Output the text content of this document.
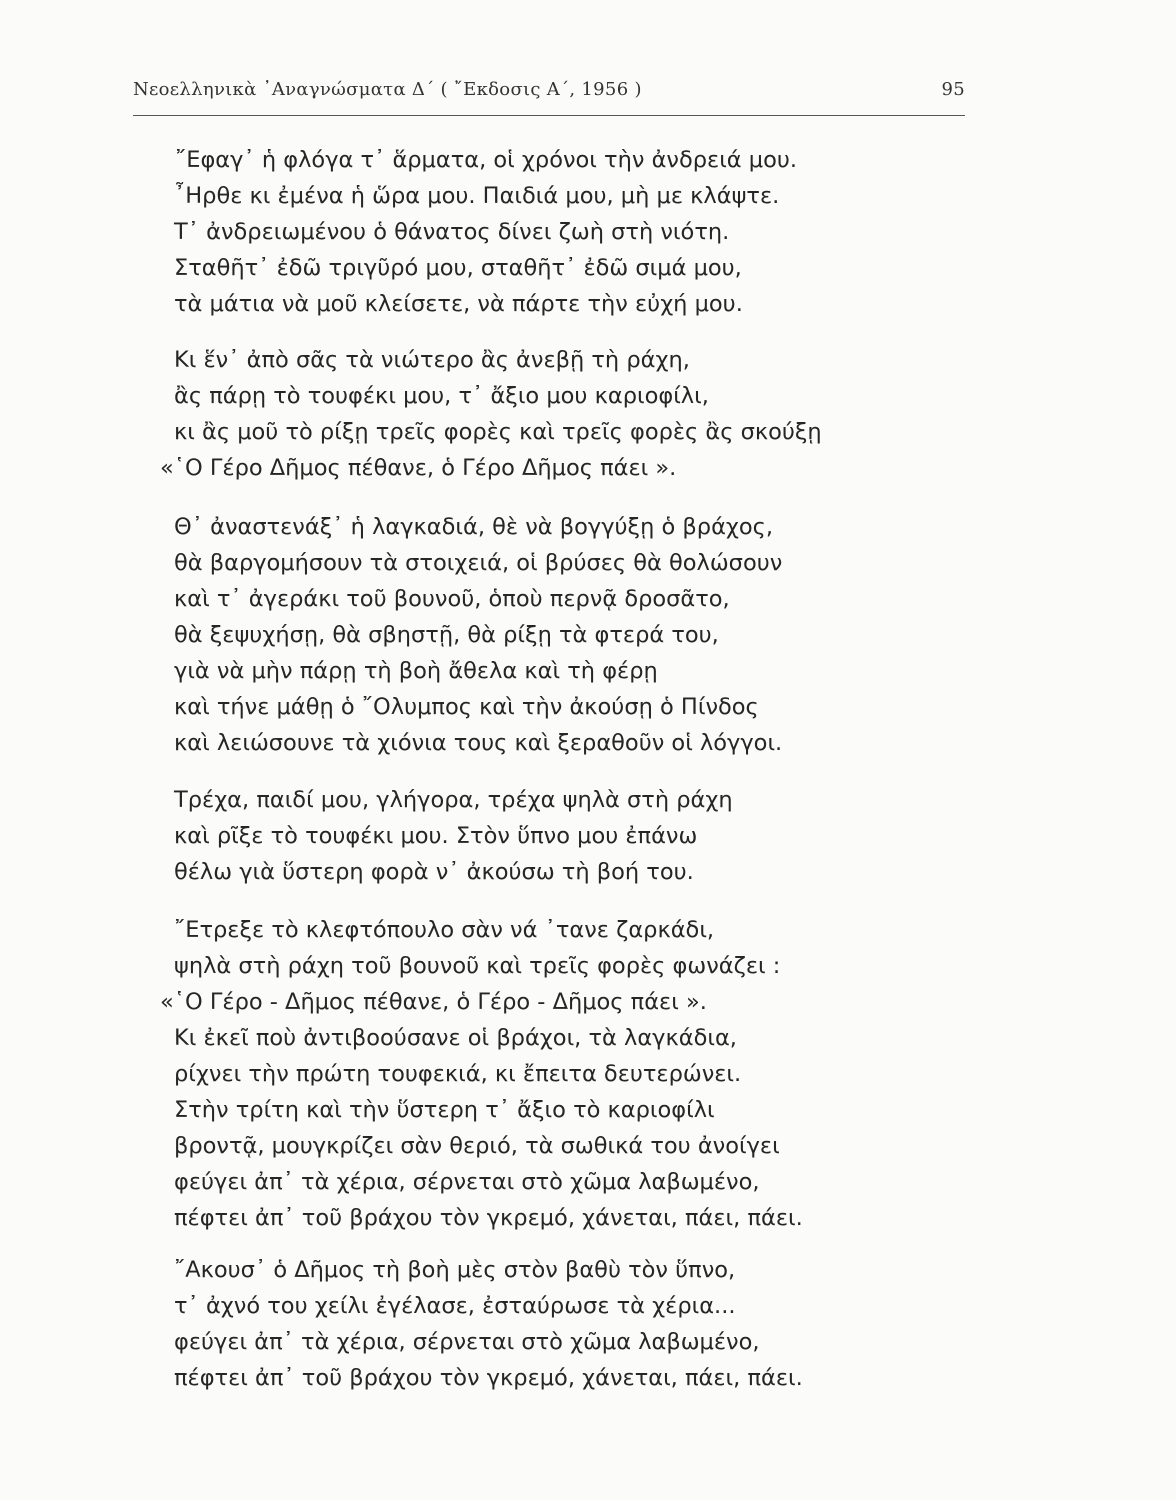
Νεοελληνικὰ ᾽Αναγνώσματα Δ΄ ( ῎Εκδοσις Α΄, 1956 )	95
῎Εφαγ᾽ ἡ φλόγα τ᾽ ἅρματα, οἱ χρόνοι τὴν ἀνδρειά μου.
῏Ηρθε κι ἐμένα ἡ ὥρα μου. Παιδιά μου, μὴ με κλάψτε.
Τ᾽ ἀνδρειωμένου ὁ θάνατος δίνει ζωὴ στὴ νιότη.
Σταθῆτ᾽ ἐδῶ τριγῦρό μου, σταθῆτ᾽ ἐδῶ σιμά μου,
τὰ μάτια νὰ μοῦ κλείσετε, νὰ πάρτε τὴν εὐχή μου.
Κι ἕν᾽ ἀπὸ σᾶς τὰ νιώτερο ἂς ἀνεβῇ τὴ ράχη,
ἂς πάρῃ τὸ τουφέκι μου, τ᾽ ἄξιο μου καριοφίλι,
κι ἂς μοῦ τὸ ρίξῃ τρεῖς φορὲς καὶ τρεῖς φορὲς ἂς σκούξῃ
«῾Ο Γέρο Δῆμος πέθανε, ὁ Γέρο Δῆμος πάει ».
Θ᾽ ἀναστενάξ᾽ ἡ λαγκαδιά, θὲ νὰ βογγύξῃ ὁ βράχος,
θὰ βαργομήσουν τὰ στοιχειά, οἱ βρύσες θὰ θολώσουν
καὶ τ᾽ ἀγεράκι τοῦ βουνοῦ, ὁποὺ περνᾷ δροσᾶτο,
θὰ ξεψυχήσῃ, θὰ σβηστῇ, θὰ ρίξῃ τὰ φτερά του,
γιὰ νὰ μὴν πάρῃ τὴ βοὴ ἄθελα καὶ τὴ φέρῃ
καὶ τήνε μάθῃ ὁ ῎Ολυμπος καὶ τὴν ἀκούσῃ ὁ Πίνδος
καὶ λειώσουνε τὰ χιόνια τους καὶ ξεραθοῦν οἱ λόγγοι.
Τρέχα, παιδί μου, γλήγορα, τρέχα ψηλὰ στὴ ράχη
καὶ ρῖξε τὸ τουφέκι μου. Στὸν ὕπνο μου ἐπάνω
θέλω γιὰ ὕστερη φορὰ ν᾽ ἀκούσω τὴ βοή του.
῎Ετρεξε τὸ κλεφτόπουλο σὰν νά ᾽τανε ζαρκάδι,
ψηλὰ στὴ ράχη τοῦ βουνοῦ καὶ τρεῖς φορὲς φωνάζει :
«῾Ο Γέρο - Δῆμος πέθανε, ὁ Γέρο - Δῆμος πάει ».
Κι ἐκεῖ ποὺ ἀντιβοούσανε οἱ βράχοι, τὰ λαγκάδια,
ρίχνει τὴν πρώτη τουφεκιά, κι ἔπειτα δευτερώνει.
Στὴν τρίτη καὶ τὴν ὕστερη τ᾽ ἄξιο τὸ καριοφίλι
βροντᾷ, μουγκρίζει σὰν θεριό, τὰ σωθικά του ἀνοίγει
φεύγει ἀπ᾽ τὰ χέρια, σέρνεται στὸ χῶμα λαβωμένο,
πέφτει ἀπ᾽ τοῦ βράχου τὸν γκρεμό, χάνεται, πάει, πάει.
῎Ακουσ᾽ ὁ Δῆμος τὴ βοὴ μὲς στὸν βαθὺ τὸν ὕπνο,
τ᾽ ἀχνό του χείλι ἐγέλασε, ἐσταύρωσε τὰ χέρια...
φεύγει ἀπ᾽ τὰ χέρια, σέρνεται στὸ χῶμα λαβωμένο,
πέφτει ἀπ᾽ τοῦ βράχου τὸν γκρεμό, χάνεται, πάει, πάει.
